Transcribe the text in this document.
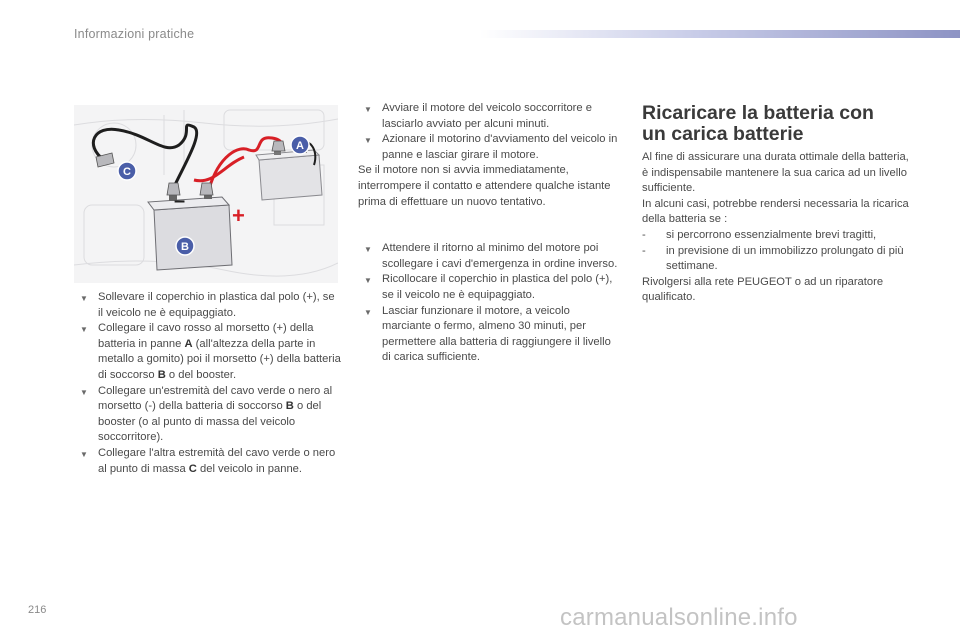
Informazioni pratiche
–
+
A
B
C

▼ Sollevare il coperchio in plastica dal polo (+), se il veicolo ne è equipaggiato.

▼ Collegare il cavo rosso al morsetto (+) della batteria in panne A (all'altezza della parte in metallo a gomito) poi il morsetto (+) della batteria di soccorso B o del booster.

▼ Collegare un'estremità del cavo verde o nero al morsetto (-) della batteria di soccorso B o del booster (o al punto di massa del veicolo soccorritore).

▼ Collegare l'altra estremità del cavo verde o nero al punto di massa C del veicolo in panne.

▼ Avviare il motore del veicolo soccorritore e lasciarlo avviato per alcuni minuti.

▼ Azionare il motorino d'avviamento del veicolo in panne e lasciar girare il motore.

Se il motore non si avvia immediatamente, interrompere il contatto e attendere qualche istante prima di effettuare un nuovo tentativo.

▼ Attendere il ritorno al minimo del motore poi scollegare i cavi d'emergenza in ordine inverso.

▼ Ricollocare il coperchio in plastica del polo (+), se il veicolo ne è equipaggiato.

▼ Lasciar funzionare il motore, a veicolo marciante o fermo, almeno 30 minuti, per permettere alla batteria di raggiungere il livello di carica sufficiente.

Ricaricare la batteria con
un carica batterie

Al fine di assicurare una durata ottimale della batteria, è indispensabile mantenere la sua carica ad un livello sufficiente.

In alcuni casi, potrebbe rendersi necessaria la ricarica della batteria se :

- si percorrono essenzialmente brevi tragitti,

- in previsione di un immobilizzo prolungato di più settimane.

Rivolgersi alla rete PEUGEOT o ad un riparatore qualificato.

216	carmanualsonline.info
